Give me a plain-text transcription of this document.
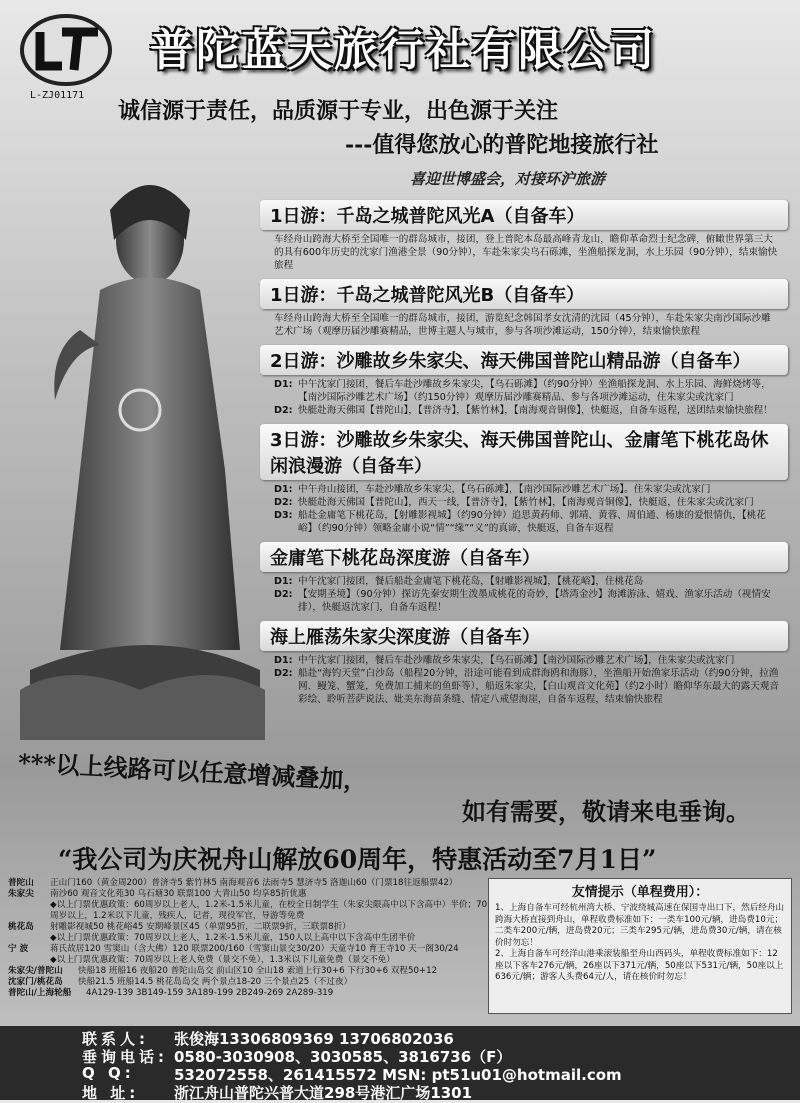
L-ZJ01171
普陀蓝天旅行社有限公司
诚信源于责任，品质源于专业，出色源于关注
---值得您放心的普陀地接旅行社
喜迎世博盛会，对接环沪旅游
1日游：千岛之城普陀风光A（自备车）
车经舟山跨海大桥至全国唯一的群岛城市，接团，登上普陀本岛最高峰青龙山，瞻仰革命烈士纪念碑，俯瞰世界第三大的具有600年历史的沈家门渔港全景（90分钟），车赴朱家尖乌石砾滩，坐渔船探龙洞，水上乐园（90分钟），结束愉快旅程
1日游：千岛之城普陀风光B（自备车）
车经舟山跨海大桥至全国唯一的群岛城市，接团，游览纪念韩国孝女沈清的沈园（45分钟），车赴朱家尖南沙国际沙雕艺术广场（观摩历届沙雕赛精品，世博主题人与城市，参与各项沙滩运动，150分钟），结束愉快旅程
2日游：沙雕故乡朱家尖、海天佛国普陀山精品游（自备车）
D1: 中午沈家门接团，餐后车赴沙雕故乡朱家尖，【乌石砾滩】（约90分钟）坐渔船探龙洞、水上乐园、海鲜烧烤等，【南沙国际沙雕艺术广场】（约150分钟）观摩历届沙雕赛精品、参与各项沙滩运动，住朱家尖或沈家门
D2: 快艇赴海天佛国【普陀山】，【普济寺】，【紫竹林】，【南海观音铜像】，快艇返，自备车返程，送团结束愉快旅程！
3日游：沙雕故乡朱家尖、海天佛国普陀山、金庸笔下桃花岛休闲浪漫游（自备车）
D1: 中午舟山接团，车赴沙雕故乡朱家尖，【乌石砾滩】，【南沙国际沙雕艺术广场】。住朱家尖或沈家门
D2: 快艇赴海天佛国【普陀山】，西天一线，【普济寺】，【紫竹林】，【南海观音铜像】，快艇返，住朱家尖或沈家门
D3: 船赴金庸笔下桃花岛，【射雕影视城】（约90分钟）追思黄药师、郭靖、黄蓉、周伯通、杨康的爱恨情仇，【桃花峪】（约90分钟）领略金庸小说“情”“缘”“义”的真谛，快艇返，自备车返程
金庸笔下桃花岛深度游（自备车）
D1: 中午沈家门接团，餐后船赴金庸笔下桃花岛，【射雕影视城】，【桃花峪】，住桃花岛
D2: 【安期圣境】（90分钟）探访先秦安期生泼墨成桃花的奇妙，【塔湾金沙】海滩游泳、嬉戏、渔家乐活动（视情安排），快艇返沈家门，自备车返程！
海上雁荡朱家尖深度游（自备车）
D1: 中午沈家门接团，餐后车赴沙雕故乡朱家尖，【乌石砾滩】【南沙国际沙雕艺术广场】，住朱家尖或沈家门
D2: 船赴“海钓天堂”白沙岛（船程20分钟，沿途可能看到成群海鸥和海豚），坐渔船开始渔家乐活动（约90分钟，拉渔网、鳗笼、蟹笼，免费加工捕来的鱼虾等），船返朱家尖，【白山观音文化苑】（约2小时）瞻仰华东最大的露天观音彩绘、聆听菩萨说法、妣美东海苗条缝、情定八戒望海崖，自备车返程，结束愉快旅程
***以上线路可以任意增减叠加，
如有需要，敬请来电垂询。
“我公司为庆祝舟山解放60周年，特惠活动至7月1日”
普陀山	正山门160（黄金周200）普济寺5 紫竹林5 南海观音6 法雨寺5 慧济寺5 洛迦山60（门票18往返船票42）
朱家尖	南沙60 观音文化苑30 乌石塘30 联票100 大青山50 均享85折优惠
◆以上门票优惠政策：60周岁以上老人，1.2米-1.5米儿童，在校全日制学生（朱家尖限高中以下含高中）半价；70周岁以上，1.2米以下儿童，残疾人，记者，现役军官，导游等免费
桃花岛	射雕影视城50 桃花峪45 安期峰景区45（单票95折，二联票9折，三联票8折）
◆以上门票优惠政策：70周岁以上老人，1.2米-1.5米儿童，150人以上高中以下含高中生团半价
宁 波	蒋氏故居120 雪窦山（含大佛）120 联票200/160（雪窦山景交30/20）天童寺10 育王寺10 天一阁30/24
◆以上门票优惠政策：70周岁以上老人免费（景交不免），1.3米以下儿童免费（景交不免）
朱家尖/普陀山	快船18 班船16 夜船20 普陀山岛交 前山区10 全山18 索道上行30+6 下行30+6 双程50+12
沈家门/桃花岛	快船21.5 班船14.5 桃花岛岛交 两个景点18-20 三个景点25（不过夜）
普陀山/上海轮船	4A129-139 3B149-159 3A189-199 2B249-269 2A289-319
友情提示（单程费用）：
1、上海自备车可经杭州湾大桥、宁波绕城高速在保国寺出口下，然后经舟山跨海大桥直接到舟山，单程收费标准如下：一类车100元/辆，进岛费10元；二类车200元/辆，进岛费20元；三类车295元/辆，进岛费30元/辆，请在核价时勿忘！
2、上海自备车可经洋山港乘滚装船至舟山西码头，单程收费标准如下：12座以下客车276元/辆，26座以下371元/辆，50座以下531元/辆，50座以上636元/辆；游客人头费64元/人，请在核价时勿忘！
联系人:	张俊海13306809369 13706802036
垂询电话: 0580-3030908、3030585、3816736（F）
Q Q:	532072558、261415572 MSN: pt51u01@hotmail.com
地 址:	浙江舟山普陀兴普大道298号港汇广场1301
